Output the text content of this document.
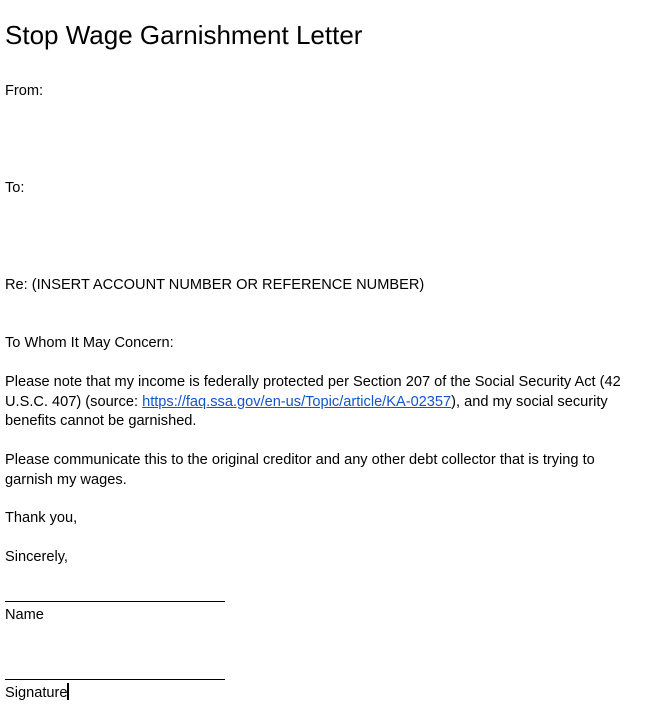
Stop Wage Garnishment Letter
From:
To:
Re: (INSERT ACCOUNT NUMBER OR REFERENCE NUMBER)
To Whom It May Concern:
Please note that my income is federally protected per Section 207 of the Social Security Act (42 U.S.C. 407) (source: https://faq.ssa.gov/en-us/Topic/article/KA-02357), and my social security benefits cannot be garnished.
Please communicate this to the original creditor and any other debt collector that is trying to garnish my wages.
Thank you,
Sincerely,
Name
Signature
